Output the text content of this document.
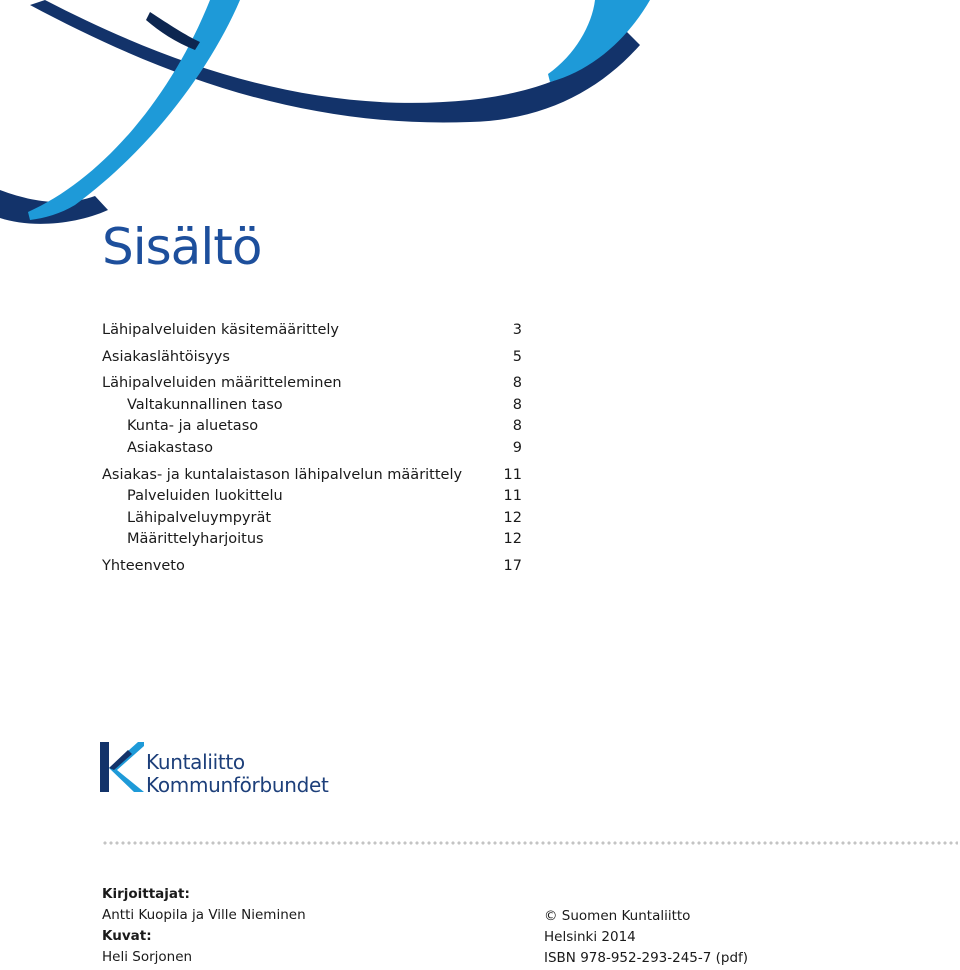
Sisältö
Lähipalveluiden käsitemäärittely	3
Asiakaslähtöisyys	5
Lähipalveluiden määritteleminen	8
Valtakunnallinen taso	8
Kunta- ja aluetaso	8
Asiakastaso	9
Asiakas- ja kuntalaistason lähipalvelun määrittely	11
Palveluiden luokittelu	11
Lähipalveluympyrät	12
Määrittelyharjoitus	12
Yhteenveto	17
Kuntaliitto
Kommunförbundet
Kirjoittajat:
Antti Kuopila ja Ville Nieminen
Kuvat:
Heli Sorjonen
© Suomen Kuntaliitto
Helsinki 2014
ISBN 978-952-293-245-7 (pdf)
